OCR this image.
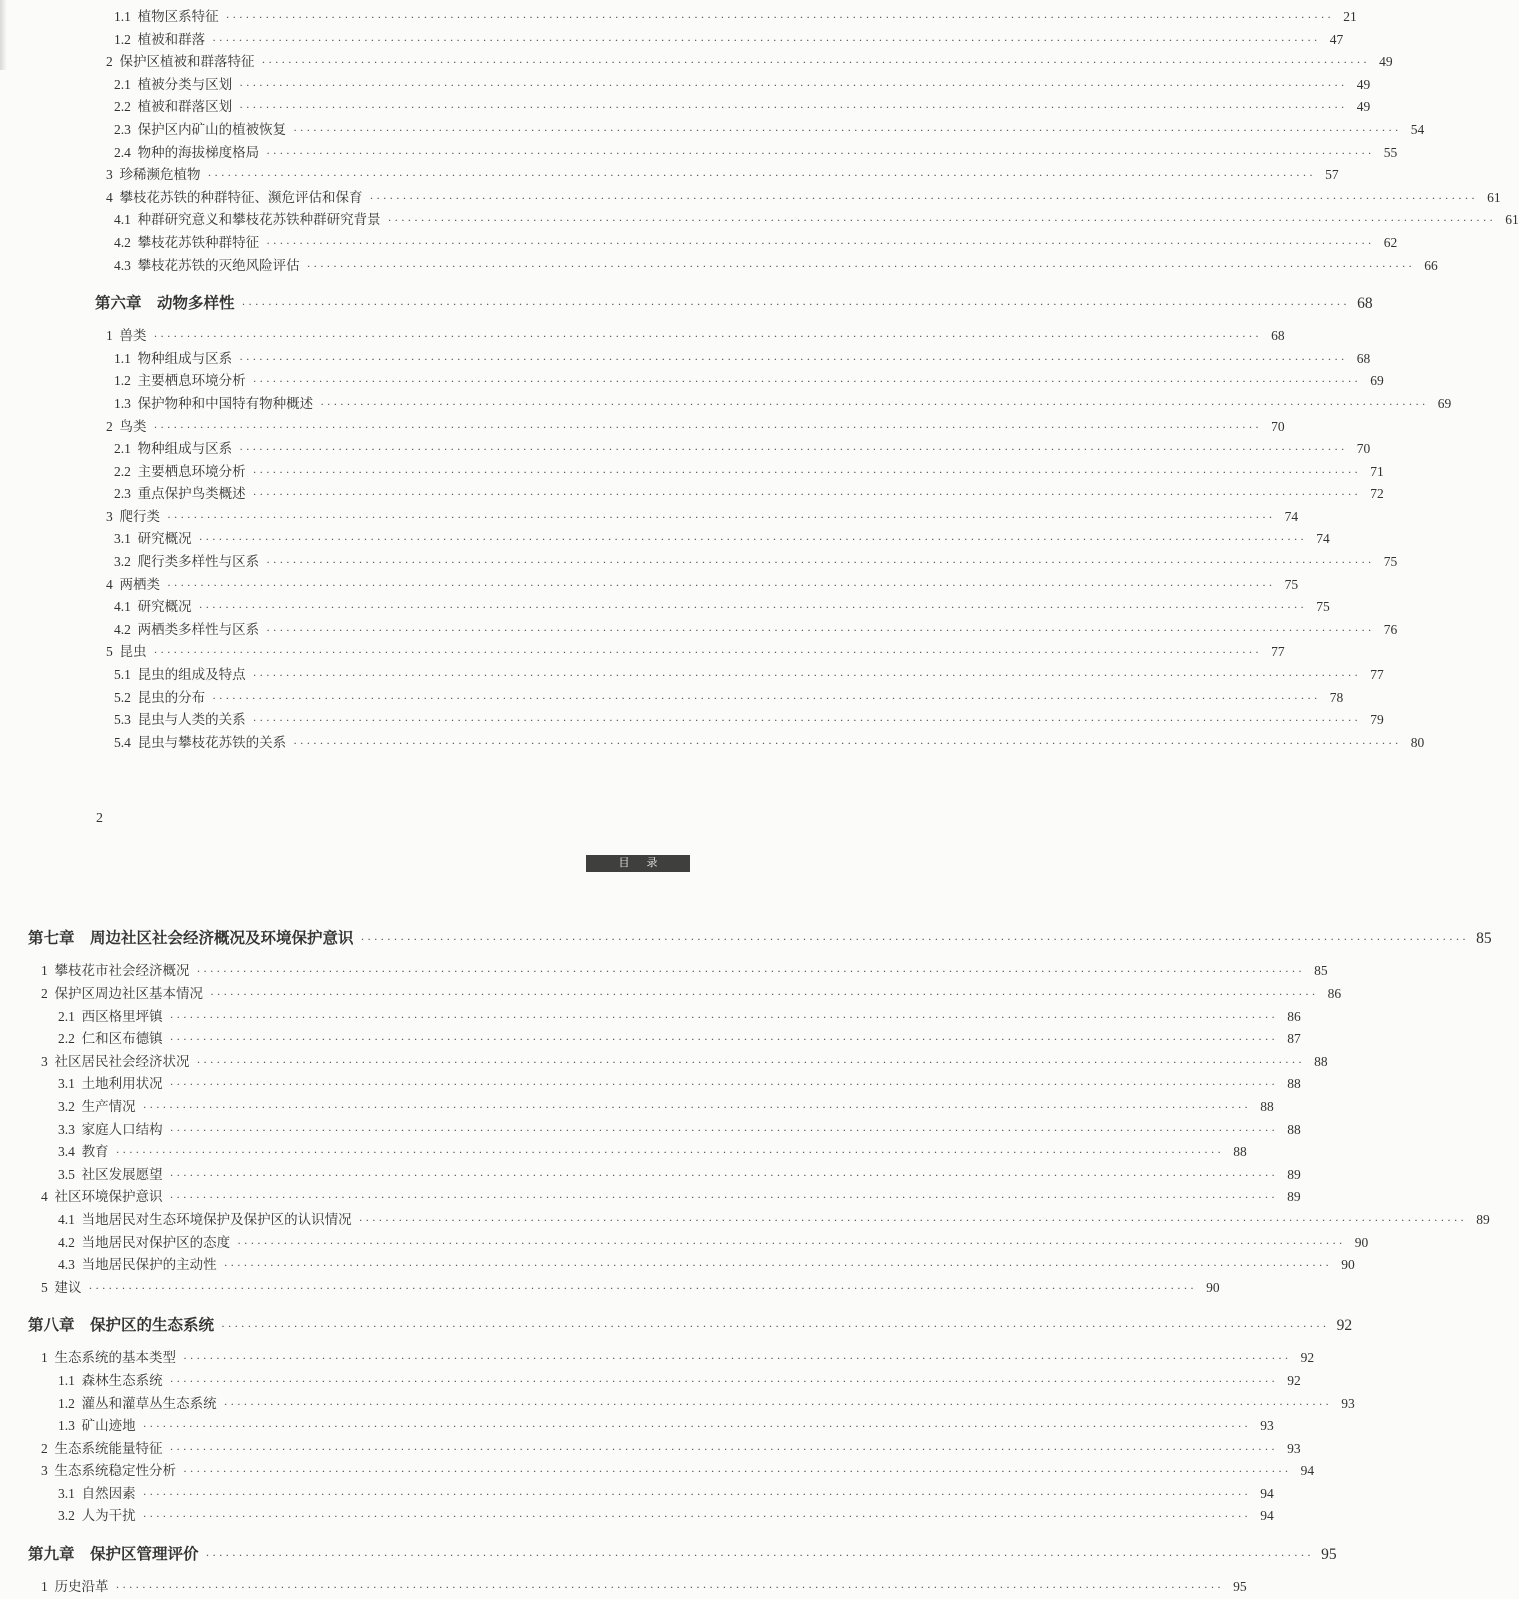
1.1  植物区系特征 ·····	21
1.2  植被和群落 ·····	47
2  保护区植被和群落特征 ·····	49
2.1  植被分类与区划 ·····	49
2.2  植被和群落区划 ·····	49
2.3  保护区内矿山的植被恢复 ·····	54
2.4  物种的海拔梯度格局 ·····	55
3  珍稀濒危植物 ·····	57
4  攀枝花苏铁的种群特征、濒危评估和保育 ·····	61
4.1  种群研究意义和攀枝花苏铁种群研究背景 ·····	61
4.2  攀枝花苏铁种群特征 ·····	62
4.3  攀枝花苏铁的灭绝风险评估 ·····	66
第六章　动物多样性 ·····	68
1  兽类 ·····	68
1.1  物种组成与区系 ·····	68
1.2  主要栖息环境分析 ·····	69
1.3  保护物种和中国特有物种概述 ·····	69
2  鸟类 ·····	70
2.1  物种组成与区系 ·····	70
2.2  主要栖息环境分析 ·····	71
2.3  重点保护鸟类概述 ·····	72
3  爬行类 ·····	74
3.1  研究概况 ·····	74
3.2  爬行类多样性与区系 ·····	75
4  两栖类 ·····	75
4.1  研究概况 ·····	75
4.2  两栖类多样性与区系 ·····	76
5  昆虫 ·····	77
5.1  昆虫的组成及特点 ·····	77
5.2  昆虫的分布 ·····	78
5.3  昆虫与人类的关系 ·····	79
5.4  昆虫与攀枝花苏铁的关系 ·····	80
2
目 录
第七章　周边社区社会经济概况及环境保护意识 ·····	85
1  攀枝花市社会经济概况 ·····	85
2  保护区周边社区基本情况 ·····	86
2.1  西区格里坪镇 ·····	86
2.2  仁和区布德镇 ·····	87
3  社区居民社会经济状况 ·····	88
3.1  土地利用状况 ·····	88
3.2  生产情况 ·····	88
3.3  家庭人口结构 ·····	88
3.4  教育 ·····	88
3.5  社区发展愿望 ·····	89
4  社区环境保护意识 ·····	89
4.1  当地居民对生态环境保护及保护区的认识情况 ·····	89
4.2  当地居民对保护区的态度 ·····	90
4.3  当地居民保护的主动性 ·····	90
5  建议 ·····	90
第八章　保护区的生态系统 ·····	92
1  生态系统的基本类型 ·····	92
1.1  森林生态系统 ·····	92
1.2  灌丛和灌草丛生态系统 ·····	93
1.3  矿山迹地 ·····	93
2  生态系统能量特征 ·····	93
3  生态系统稳定性分析 ·····	94
3.1  自然因素 ·····	94
3.2  人为干扰 ·····	94
第九章　保护区管理评价 ·····	95
1  历史沿革 ·····	95
